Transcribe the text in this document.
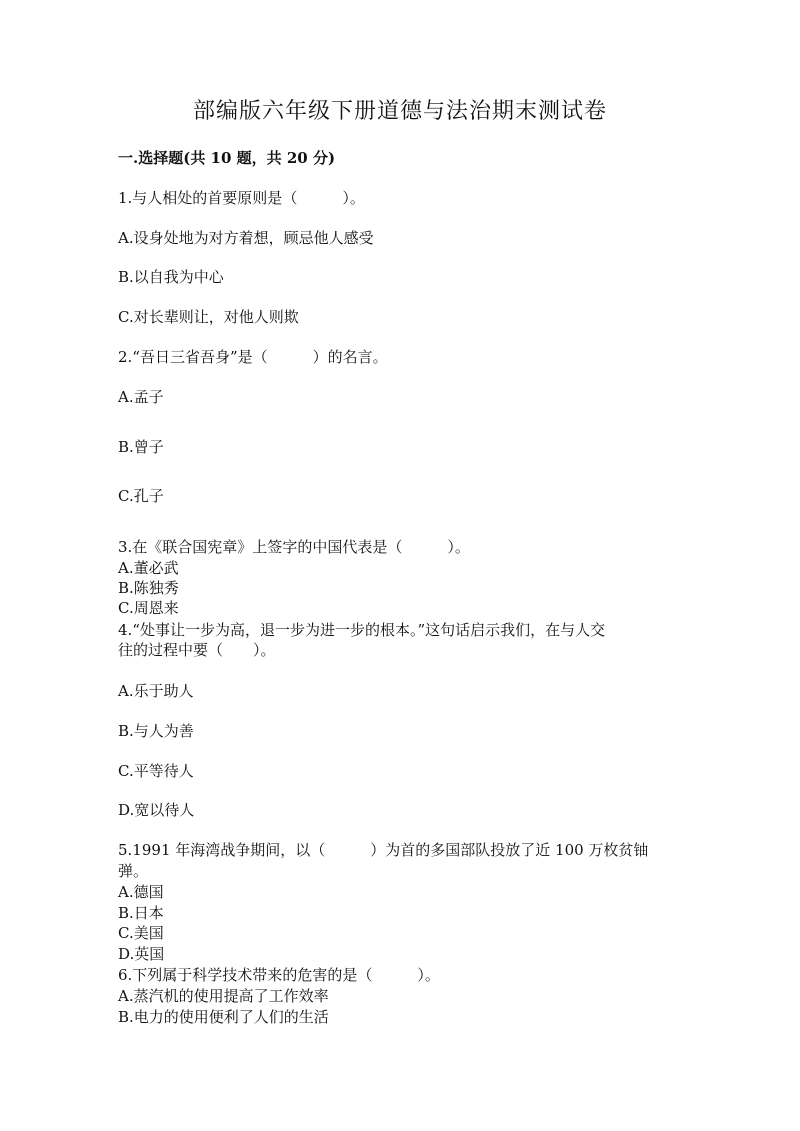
部编版六年级下册道德与法治期末测试卷
一.选择题(共 10 题，共 20 分)
1.与人相处的首要原则是（　　　）。
A.设身处地为对方着想，顾忌他人感受
B.以自我为中心
C.对长辈则让，对他人则欺
2.“吾日三省吾身”是（　　　）的名言。
A.孟子
B.曾子
C.孔子
3.在《联合国宪章》上签字的中国代表是（　　　）。
A.董必武
B.陈独秀
C.周恩来
4.“处事让一步为高，退一步为进一步的根本。”这句话启示我们，在与人交
往的过程中要（　　）。
A.乐于助人
B.与人为善
C.平等待人
D.宽以待人
5.1991 年海湾战争期间，以（　　　）为首的多国部队投放了近 100 万枚贫铀
弹。
A.德国
B.日本
C.美国
D.英国
6.下列属于科学技术带来的危害的是（　　　）。
A.蒸汽机的使用提高了工作效率
B.电力的使用便利了人们的生活
